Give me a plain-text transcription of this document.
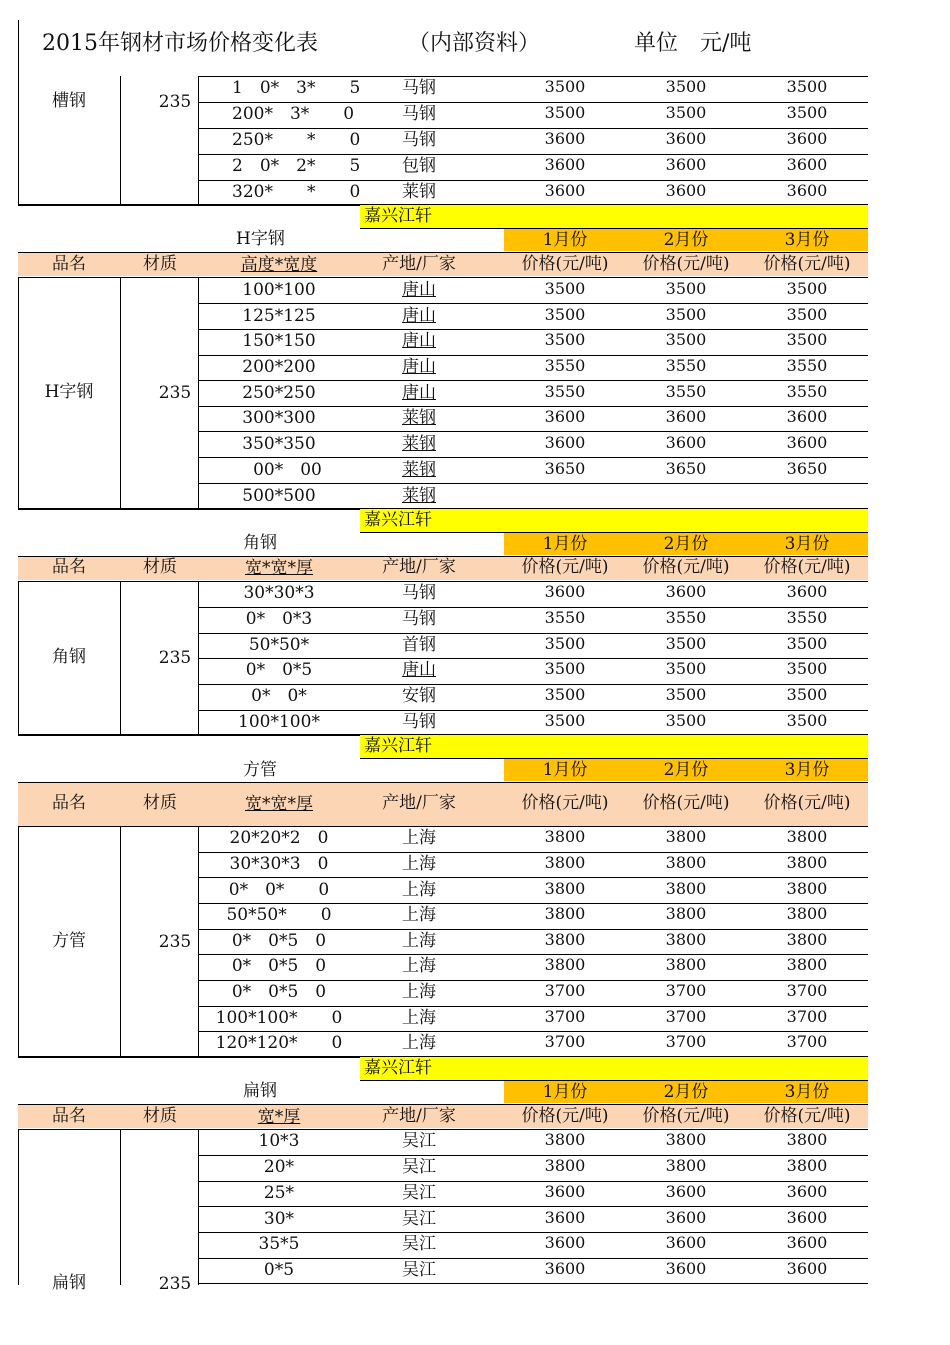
2015年钢材市场价格变化表	（内部资料）	单位　元/吨
槽钢	235
1　0*　3*　　5	马钢	3500	3500	3500
200*　3*　　0	马钢	3500	3500	3500
250*　　*　　0	马钢	3600	3600	3600
2　0*　2*　　5	包钢	3600	3600	3600
320*　　*　　0	莱钢	3600	3600	3600
嘉兴江轩
H字钢	1月份	2月份	3月份
品名	材质	高度*宽度	产地/厂家	价格(元/吨)	价格(元/吨)	价格(元/吨)
H字钢	235
100*100	唐山	3500	3500	3500
125*125	唐山	3500	3500	3500
150*150	唐山	3500	3500	3500
200*200	唐山	3550	3550	3550
250*250	唐山	3550	3550	3550
300*300	莱钢	3600	3600	3600
350*350	莱钢	3600	3600	3600
　00*　00	莱钢	3650	3650	3650
500*500	莱钢
嘉兴江轩
角钢	1月份	2月份	3月份
品名	材质	宽*宽*厚	产地/厂家	价格(元/吨)	价格(元/吨)	价格(元/吨)
角钢	235
30*30*3	马钢	3600	3600	3600
0*　0*3	马钢	3550	3550	3550
50*50*	首钢	3500	3500	3500
0*　0*5	唐山	3500	3500	3500
0*　0*	安钢	3500	3500	3500
100*100*	马钢	3500	3500	3500
嘉兴江轩
方管	1月份	2月份	3月份
品名	材质	宽*宽*厚	产地/厂家	价格(元/吨)	价格(元/吨)	价格(元/吨)
方管	235
20*20*2　0	上海	3800	3800	3800
30*30*3　0	上海	3800	3800	3800
0*　0*　　0	上海	3800	3800	3800
50*50*　　0	上海	3800	3800	3800
0*　0*5　0	上海	3800	3800	3800
0*　0*5　0	上海	3800	3800	3800
0*　0*5　0	上海	3700	3700	3700
100*100*　　0	上海	3700	3700	3700
120*120*　　0	上海	3700	3700	3700
嘉兴江轩
扁钢	1月份	2月份	3月份
品名	材质	宽*厚	产地/厂家	价格(元/吨)	价格(元/吨)	价格(元/吨)
扁钢	235
10*3	吴江	3800	3800	3800
20*	吴江	3800	3800	3800
25*	吴江	3600	3600	3600
30*	吴江	3600	3600	3600
35*5	吴江	3600	3600	3600
0*5	吴江	3600	3600	3600
